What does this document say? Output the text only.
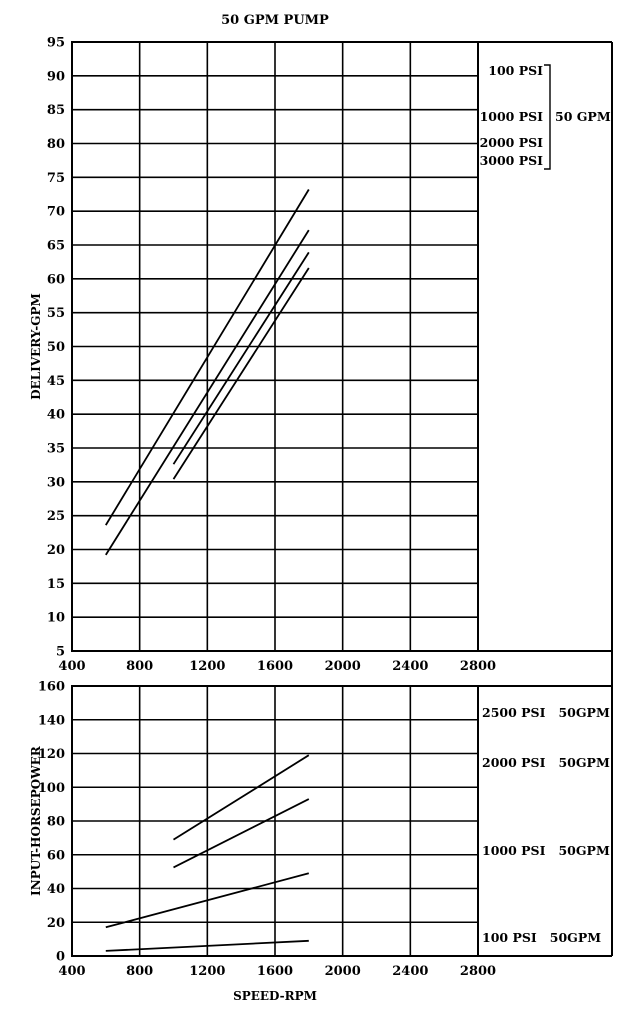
50 GPM PUMP
400	800	1200 1600 2000 2400 2800
5
10
15
20
25
30
35
40
45
50
55
60
65
70
75
80
85
90
95
DELIVERY-GPM
100 PSI
1000 PSI
2000 PSI
3000 PSI
50 GPM
400	800	1200 1600 2000 2400 2800
0
20
40
60
80
100
120
140
160
INPUT-HORSEPOWER
SPEED-RPM
2500 PSI   50GPM
2000 PSI   50GPM
1000 PSI   50GPM
100 PSI   50GPM
